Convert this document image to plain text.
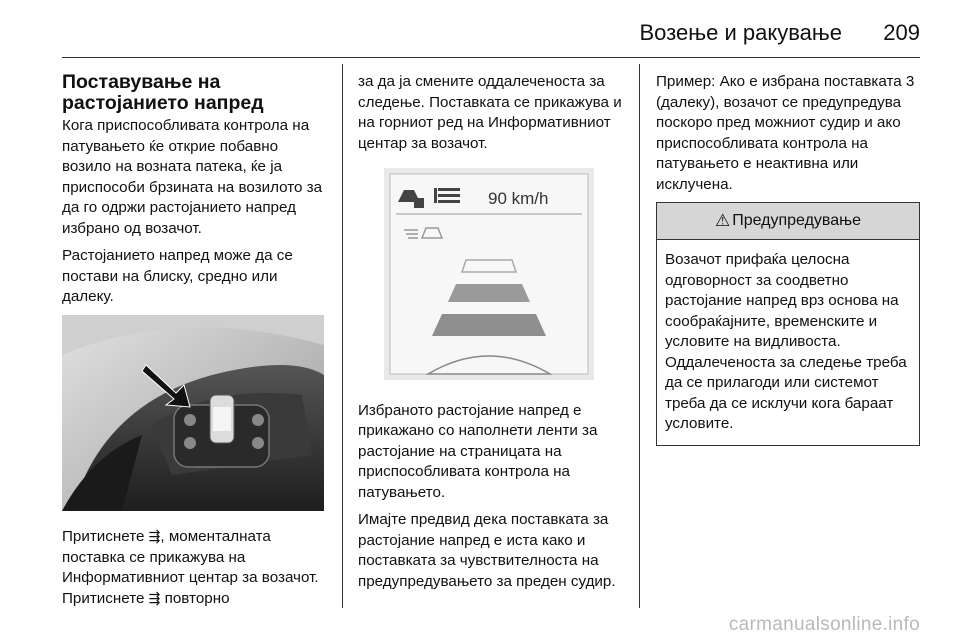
Возење и ракување 209
Поставување на растојанието напред

Кога приспособливата контрола на патувањето ќе открие побавно возило на возната патека, ќе ја приспособи брзината на возилото за да го одржи растојанието напред избрано од возачот.

Растојанието напред може да се постави на блиску, средно или далеку.

Притиснете ⇶, моменталната поставка се прикажува на Информативниот центар за возачот. Притиснете ⇶ повторно

за да ја смените оддалеченоста за следење. Поставката се прикажува и на горниот ред на Информативниот центар за возачот.

90 km/h

Избраното растојание напред е прикажано со наполнети ленти за растојание на страницата на приспособливата контрола на патувањето.

Имајте предвид дека поставката за растојание напред е иста како и поставката за чувствителноста на предупредувањето за преден судир.

Пример: Ако е избрана поставката 3 (далеку), возачот се предупредува поскоро пред можниот судир и ако приспособливата контрола на патувањето е неактивна или исклучена.

⚠ Предупредување
Возачот прифаќа целосна одговорност за соодветно растојание напред врз основа на сообраќајните, временските и условите на видливоста. Оддалеченоста за следење треба да се прилагоди или системот треба да се исклучи кога бараат условите.
carmanualsonline.info
